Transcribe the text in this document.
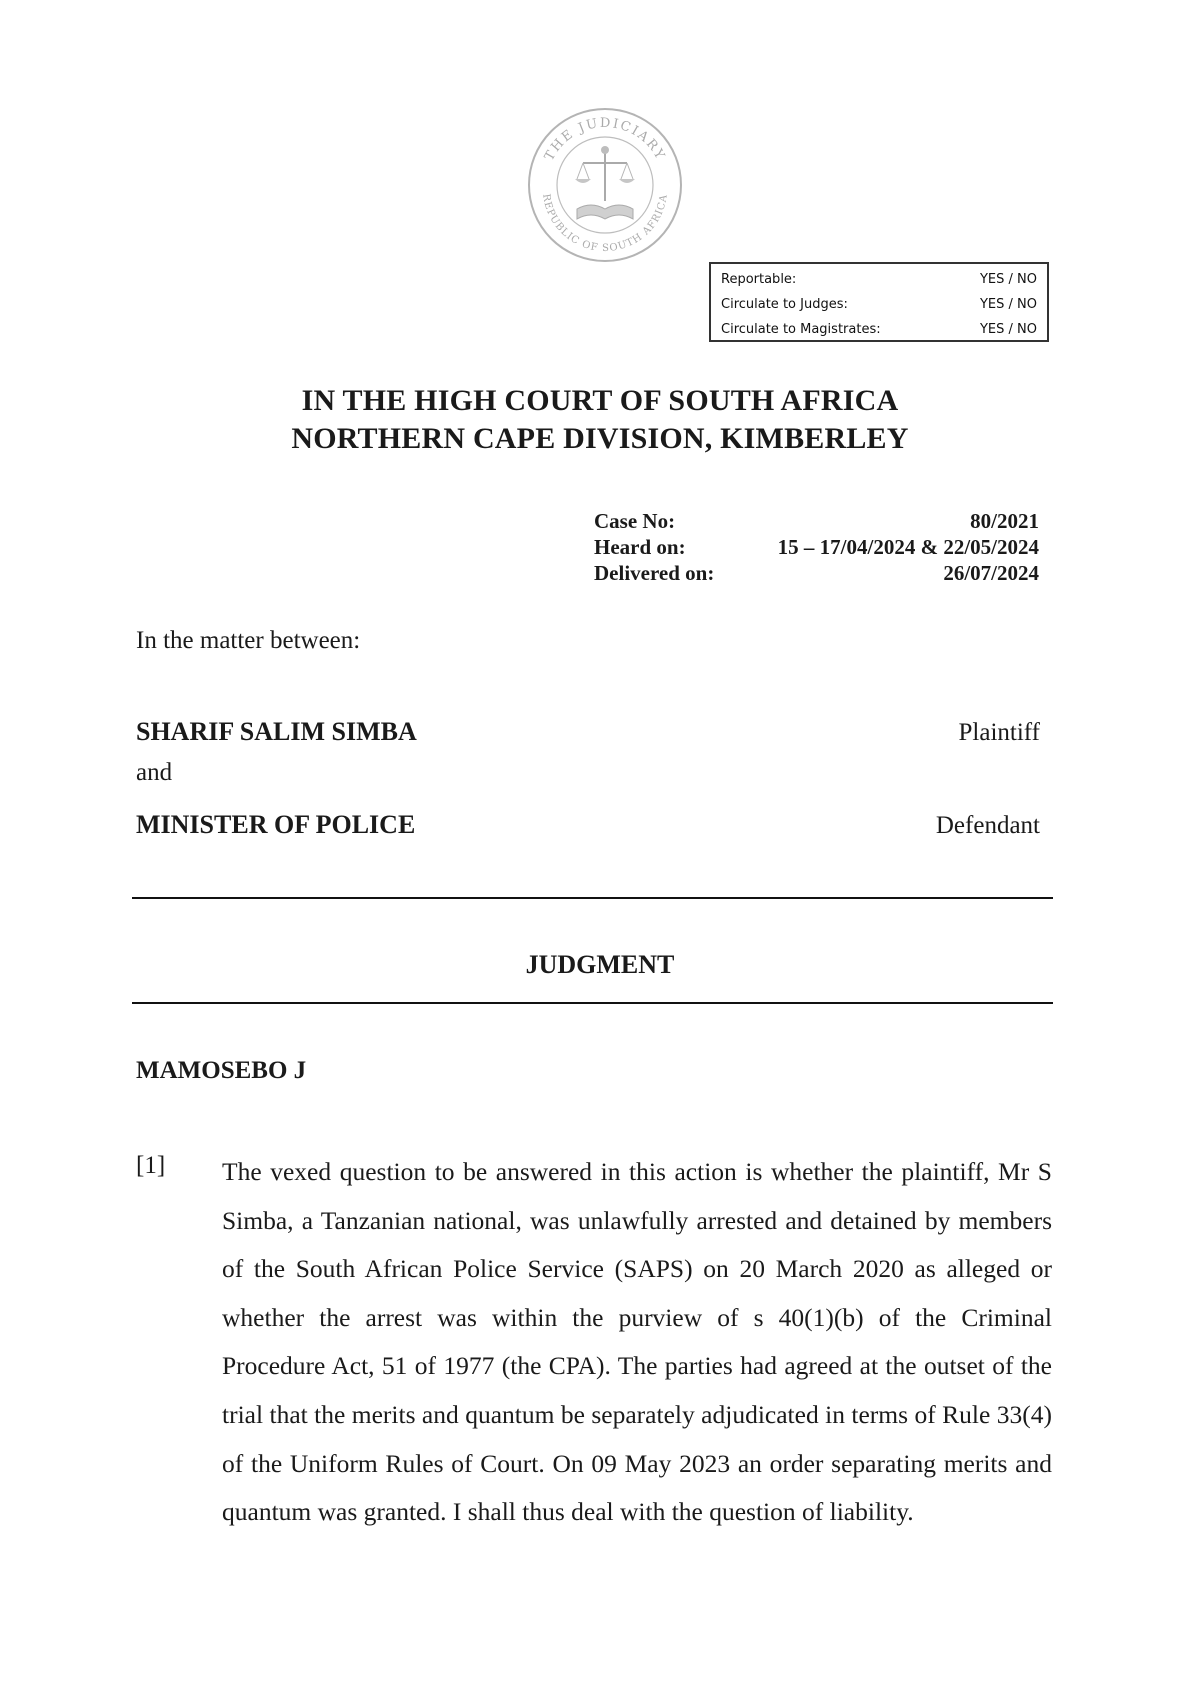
THE JUDICIARY
REPUBLIC OF SOUTH AFRICA
Reportable:	YES / NO
Circulate to Judges:	YES / NO
Circulate to Magistrates:	YES / NO
IN THE HIGH COURT OF SOUTH AFRICA
NORTHERN CAPE DIVISION, KIMBERLEY
Case No:	80/2021
Heard on:	15 – 17/04/2024 & 22/05/2024
Delivered on:	26/07/2024
In the matter between:
SHARIF SALIM SIMBA	Plaintiff
and
MINISTER OF POLICE	Defendant
JUDGMENT
MAMOSEBO J
[1] The vexed question to be answered in this action is whether the plaintiff, Mr S Simba, a Tanzanian national, was unlawfully arrested and detained by members of the South African Police Service (SAPS) on 20 March 2020 as alleged or whether the arrest was within the purview of s 40(1)(b) of the Criminal Procedure Act, 51 of 1977 (the CPA). The parties had agreed at the outset of the trial that the merits and quantum be separately adjudicated in terms of Rule 33(4) of the Uniform Rules of Court. On 09 May 2023 an order separating merits and quantum was granted. I shall thus deal with the question of liability.
